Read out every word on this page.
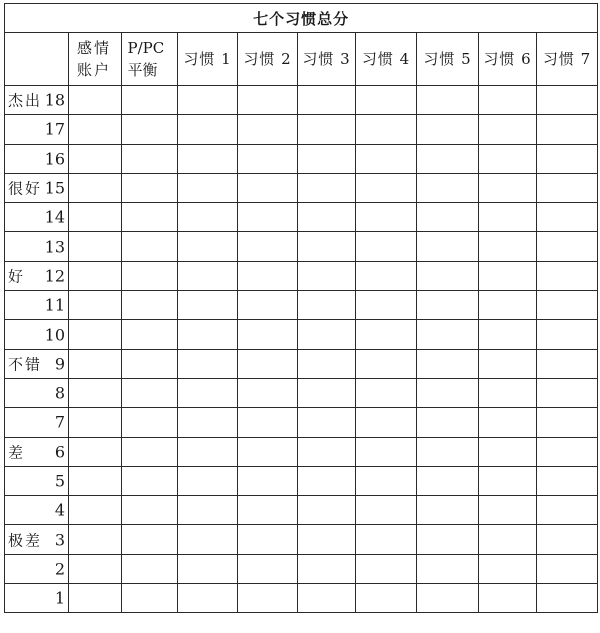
七个习惯总分									
	感情账户	P/PC平衡	习惯 1	习惯 2	习惯 3	习惯 4	习惯 5	习惯 6	习惯 7

杰出 18									

17									

16									

很好 15									

14									

13									

好 12									

11									

10									

不错 9									

8									

7									

差 6									

5									

4									

极差 3									

2									

1									
